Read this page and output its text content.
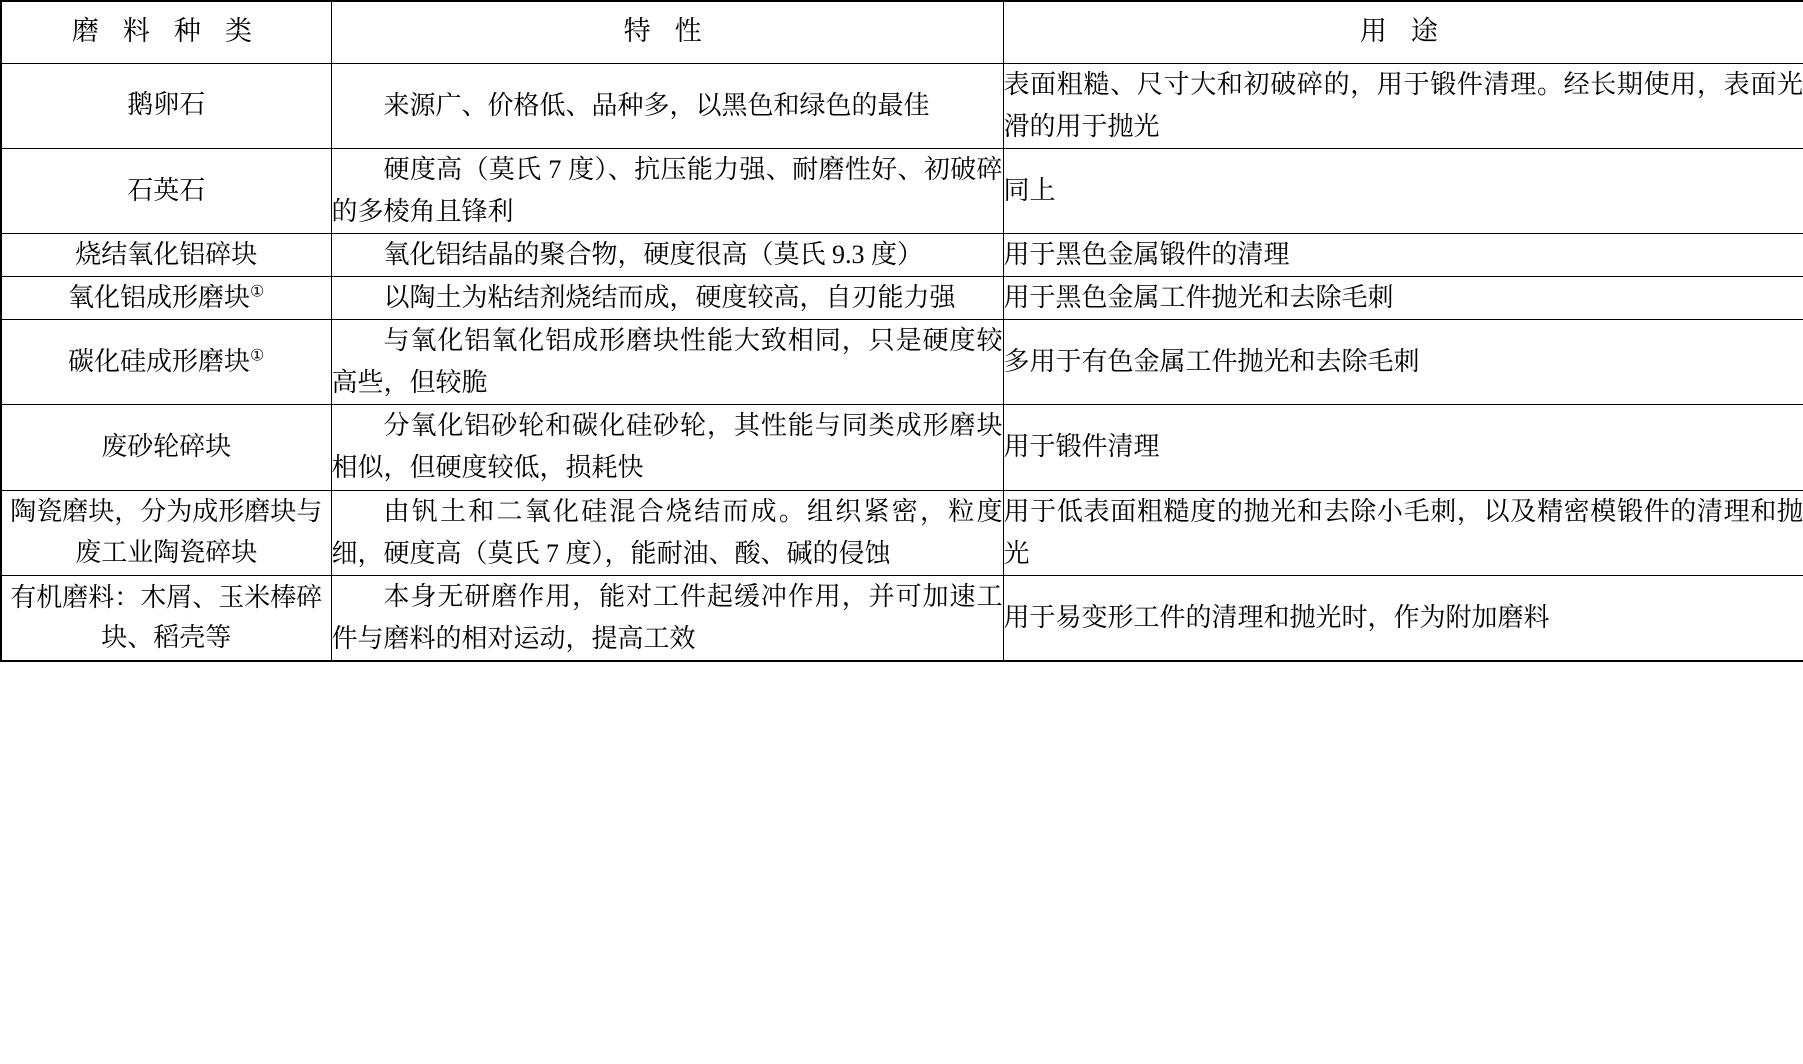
磨 料 种 类	特 性	用 途
鹅卵石	来源广、价格低、品种多，以黑色和绿色的最佳	表面粗糙、尺寸大和初破碎的，用于锻件清理。经长期使用，表面光滑的用于抛光
石英石	硬度高（莫氏 7 度）、抗压能力强、耐磨性好、初破碎的多棱角且锋利	同上
烧结氧化铝碎块	氧化铝结晶的聚合物，硬度很高（莫氏 9.3 度）	用于黑色金属锻件的清理
氧化铝成形磨块①	以陶土为粘结剂烧结而成，硬度较高，自刃能力强	用于黑色金属工件抛光和去除毛刺
碳化硅成形磨块①	与氧化铝氧化铝成形磨块性能大致相同，只是硬度较高些，但较脆	多用于有色金属工件抛光和去除毛刺
废砂轮碎块	分氧化铝砂轮和碳化硅砂轮，其性能与同类成形磨块相似，但硬度较低，损耗快	用于锻件清理
陶瓷磨块，分为成形磨块与废工业陶瓷碎块	由钒土和二氧化硅混合烧结而成。组织紧密，粒度细，硬度高（莫氏 7 度），能耐油、酸、碱的侵蚀	用于低表面粗糙度的抛光和去除小毛刺，以及精密模锻件的清理和抛光
有机磨料：木屑、玉米棒碎块、稻壳等	本身无研磨作用，能对工件起缓冲作用，并可加速工件与磨料的相对运动，提高工效	用于易变形工件的清理和抛光时，作为附加磨料
